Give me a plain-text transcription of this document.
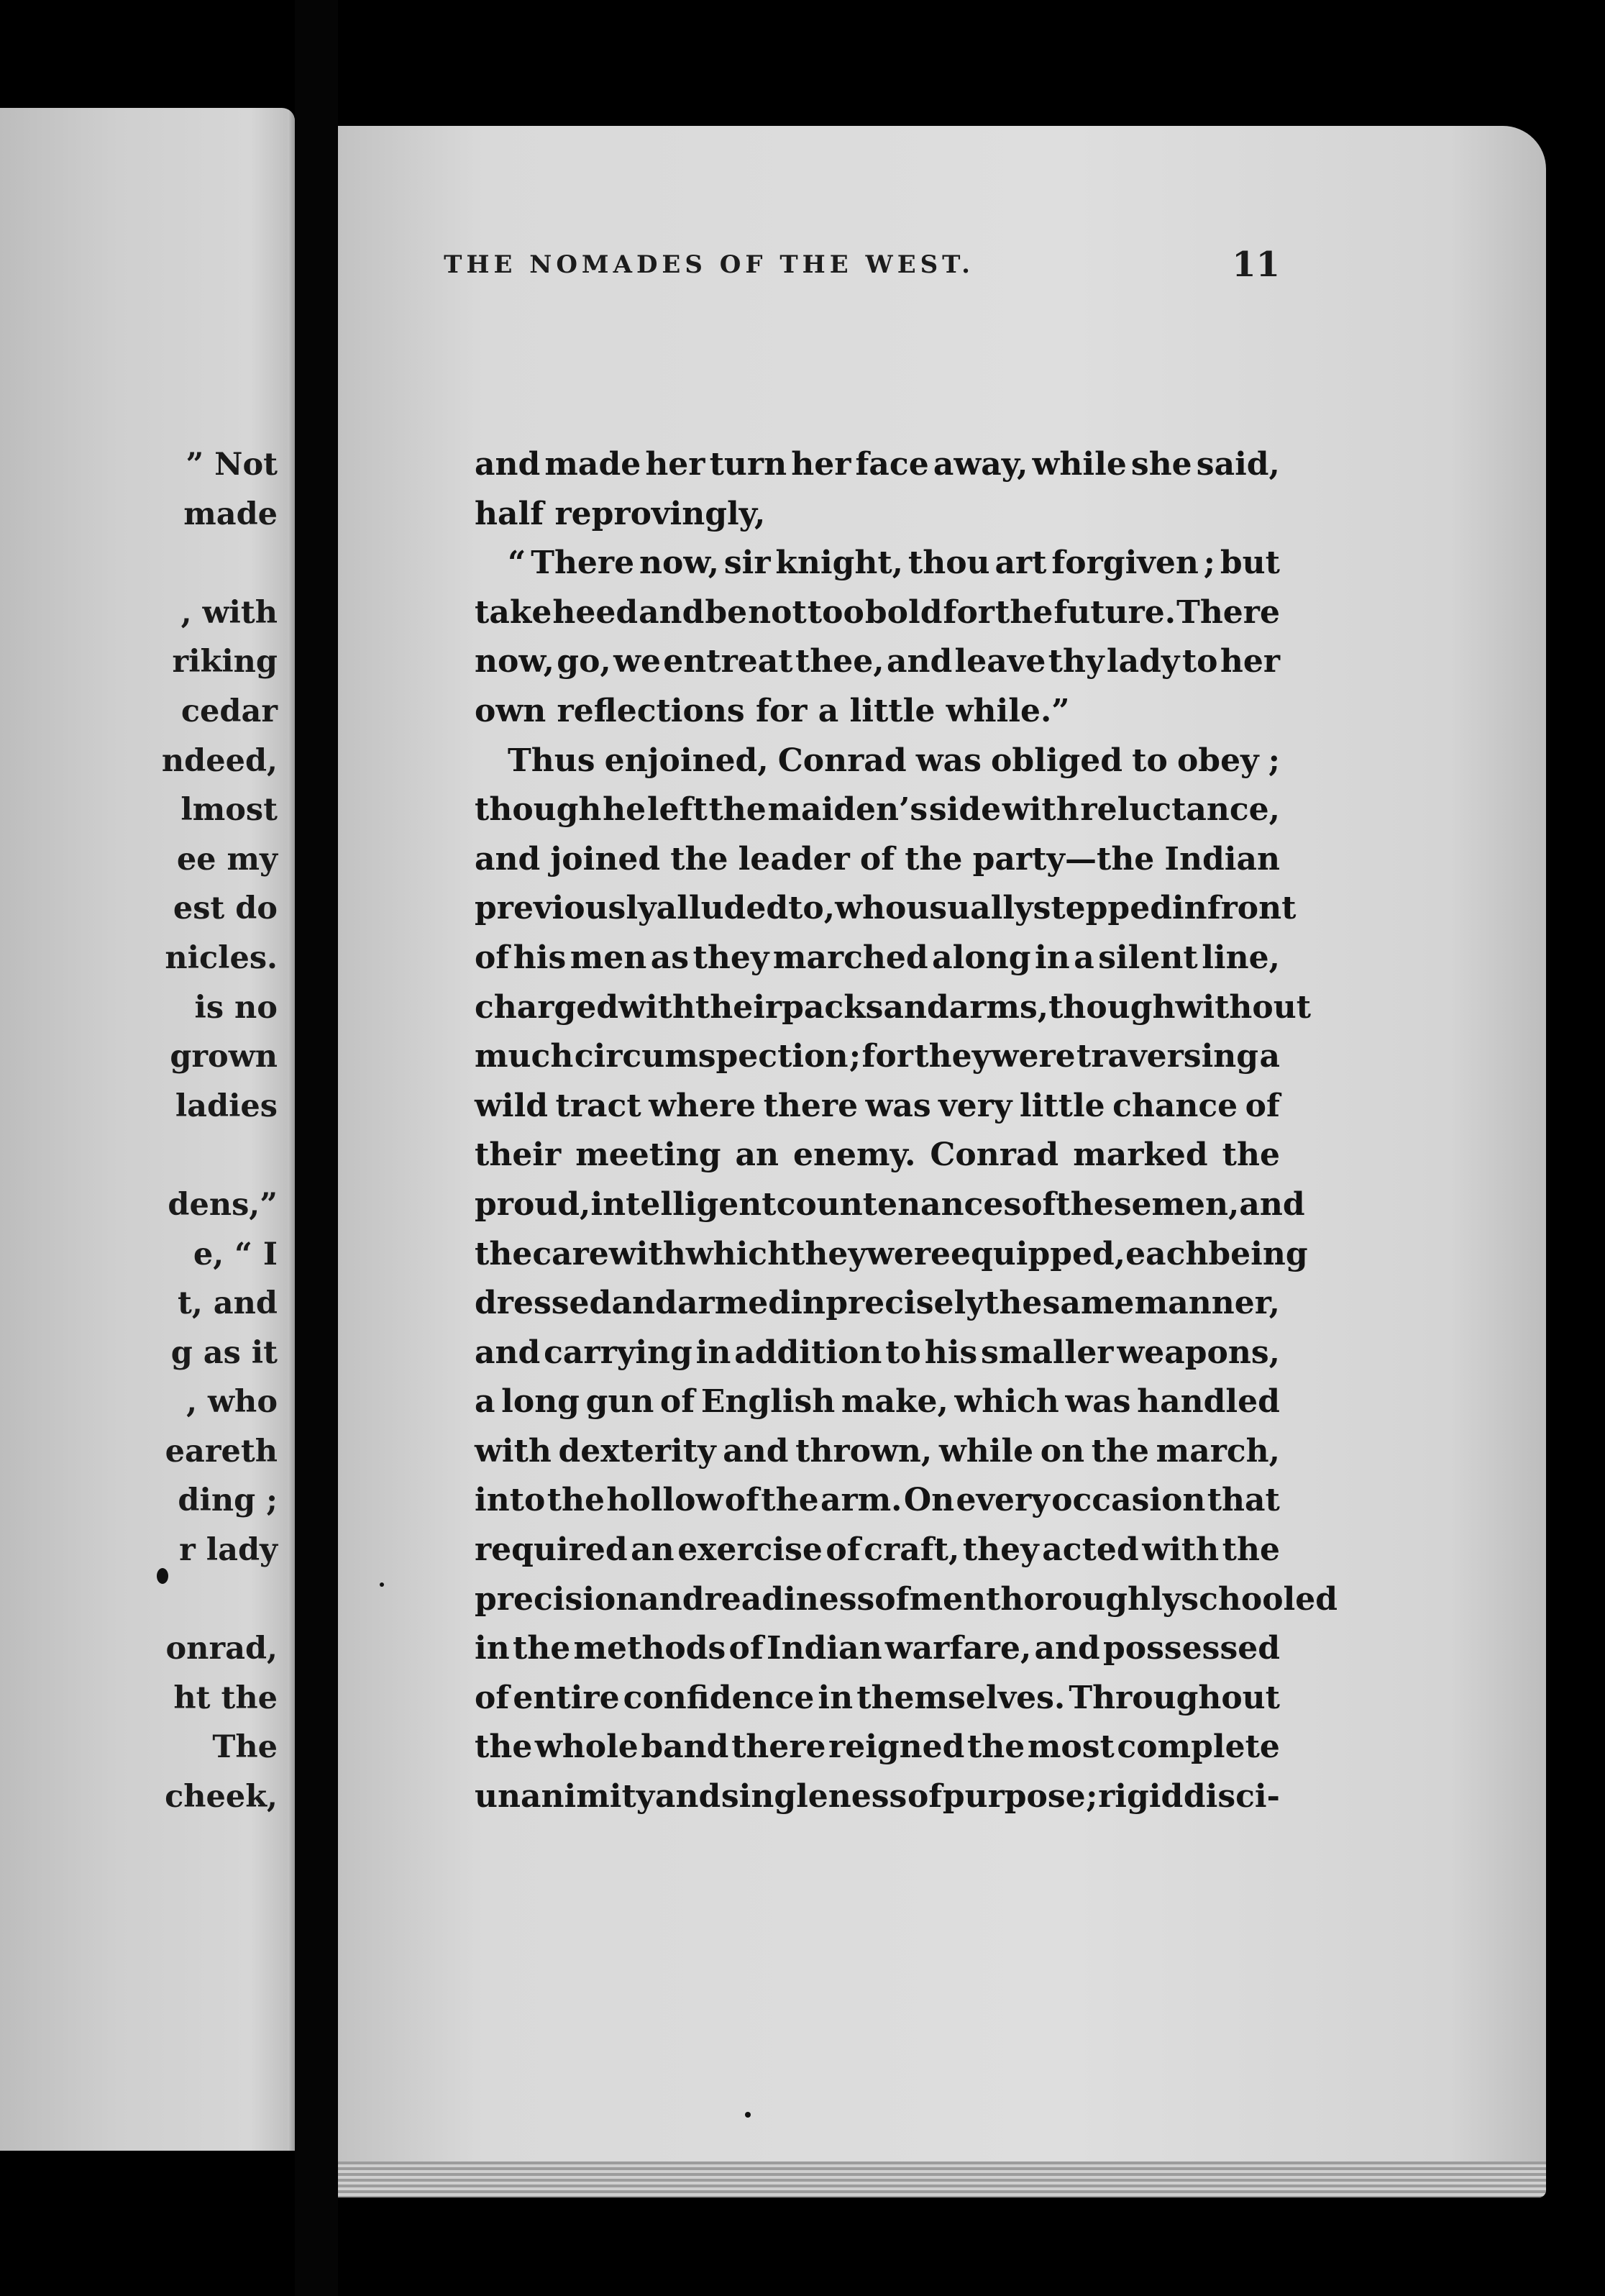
” Not
made
, with
riking
cedar
ndeed,
lmost
ee my
est do
nicles.
is no
grown
ladies
dens,”
e, “ I
t, and
g as it
, who
eareth
ding ;
r lady
onrad,
ht the
The
cheek,
THE NOMADES OF THE WEST.	11
and made her turn her face away, while she said,
half reprovingly,
“ There now, sir knight, thou art forgiven ; but
take heed and be not too bold for the future. There
now, go, we entreat thee, and leave thy lady to her
own reflections for a little while.”
Thus enjoined, Conrad was obliged to obey ;
though he left the maiden’s side with reluctance,
and joined the leader of the party—the Indian
previously alluded to, who usually stepped in front
of his men as they marched along in a silent line,
charged with their packs and arms, though without
much circumspection ; for they were traversing a
wild tract where there was very little chance of
their meeting an enemy. Conrad marked the
proud, intelligent countenances of these men, and
the care with which they were equipped, each being
dressed and armed in precisely the same manner,
and carrying in addition to his smaller weapons,
a long gun of English make, which was handled
with dexterity and thrown, while on the march,
into the hollow of the arm. On every occasion that
required an exercise of craft, they acted with the
precision and readiness of men thoroughly schooled
in the methods of Indian warfare, and possessed
of entire confidence in themselves. Throughout
the whole band there reigned the most complete
unanimity and singleness of purpose ; rigid disci-
